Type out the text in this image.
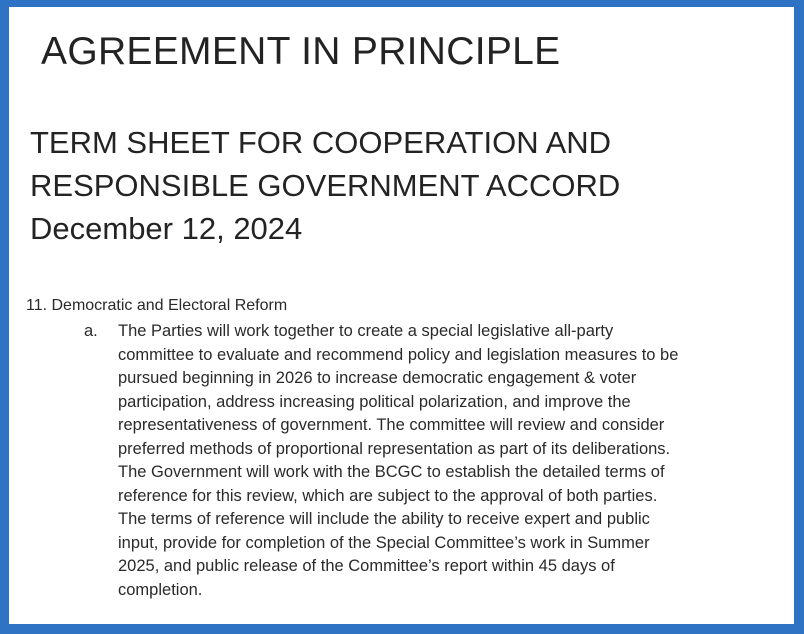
AGREEMENT IN PRINCIPLE
TERM SHEET FOR COOPERATION AND
RESPONSIBLE GOVERNMENT ACCORD
December 12, 2024
11. Democratic and Electoral Reform
a. The Parties will work together to create a special legislative all-party
committee to evaluate and recommend policy and legislation measures to be
pursued beginning in 2026 to increase democratic engagement & voter
participation, address increasing political polarization, and improve the
representativeness of government. The committee will review and consider
preferred methods of proportional representation as part of its deliberations.
The Government will work with the BCGC to establish the detailed terms of
reference for this review, which are subject to the approval of both parties.
The terms of reference will include the ability to receive expert and public
input, provide for completion of the Special Committee’s work in Summer
2025, and public release of the Committee’s report within 45 days of
completion.
